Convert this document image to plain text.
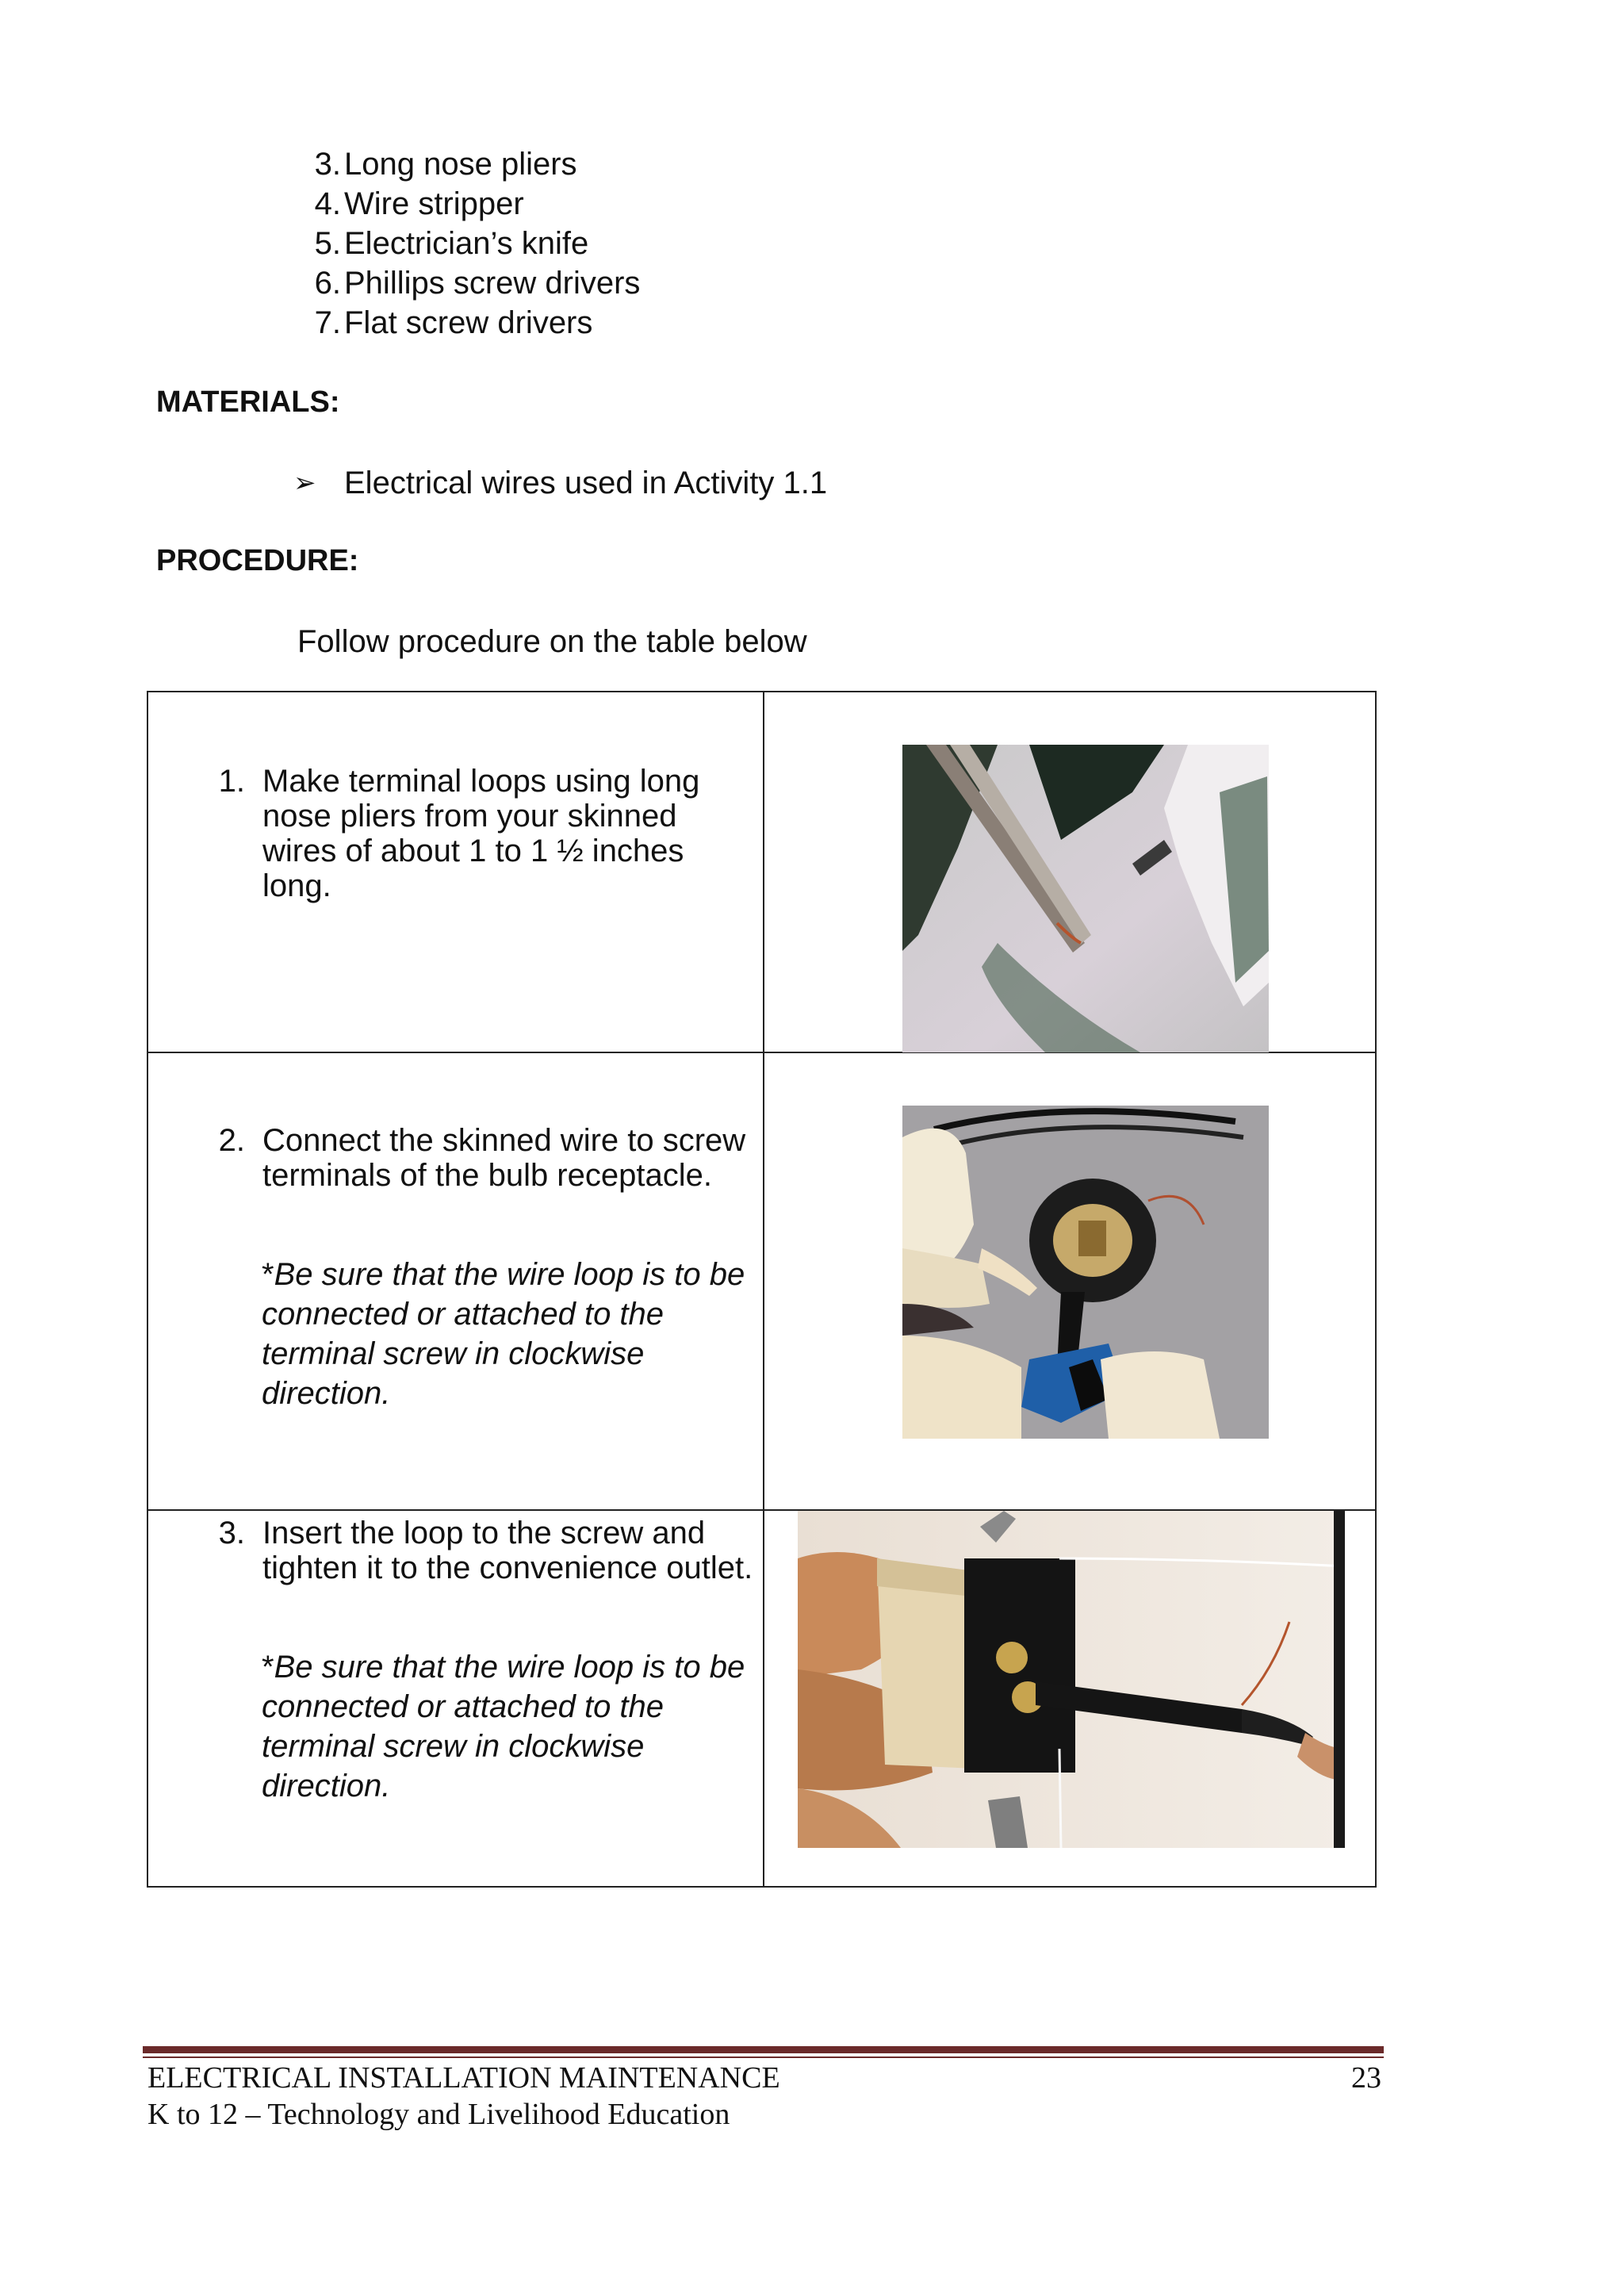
3. Long nose pliers
4. Wire stripper
5. Electrician’s knife
6. Phillips screw drivers
7. Flat screw drivers
MATERIALS:
➢ Electrical wires used in Activity 1.1
PROCEDURE:
Follow procedure on the table below
1. Make terminal loops using long nose pliers from your skinned wires of about 1 to 1 ½ inches long.

2. Connect the skinned wire to screw terminals of the bulb receptacle.
*Be sure that the wire loop is to be connected or attached to the terminal screw in clockwise direction.

3. Insert the loop to the screw and tighten it to the convenience outlet.
*Be sure that the wire loop is to be connected or attached to the terminal screw in clockwise direction.

ELECTRICAL INSTALLATION MAINTENANCE
K to 12 – Technology and Livelihood Education
23
